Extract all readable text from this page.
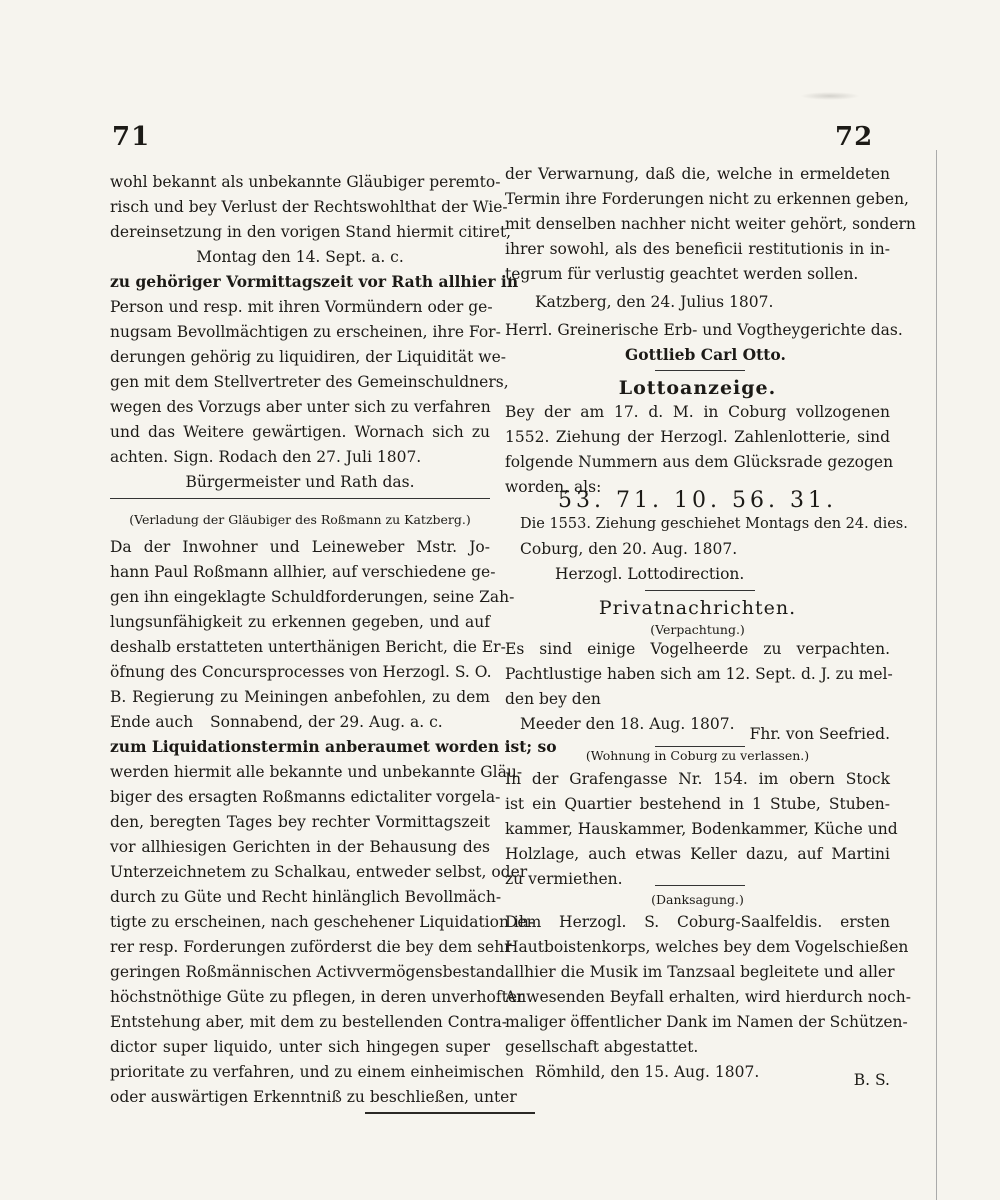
71	72
wohl bekannt als unbekannte Gläubiger peremto-
risch und bey Verlust der Rechtswohlthat der Wie-
dereinsetzung in den vorigen Stand hiermit citiret,
Montag den 14. Sept. a. c.
zu gehöriger Vormittagszeit vor Rath allhier in
Person und resp. mit ihren Vormündern oder ge-
nugsam Bevollmächtigen zu erscheinen, ihre For-
derungen gehörig zu liquidiren, der Liquidität we-
gen mit dem Stellvertreter des Gemeinschuldners,
wegen des Vorzugs aber unter sich zu verfahren
und das Weitere gewärtigen. Wornach sich zu
achten. Sign. Rodach den 27. Juli 1807.
Bürgermeister und Rath das.
(Verladung der Gläubiger des Roßmann zu Katzberg.)
Da der Inwohner und Leineweber Mstr. Jo-
hann Paul Roßmann allhier, auf verschiedene ge-
gen ihn eingeklagte Schuldforderungen, seine Zah-
lungsunfähigkeit zu erkennen gegeben, und auf
deshalb erstatteten unterthänigen Bericht, die Er-
öfnung des Concursprocesses von Herzogl. S. O.
B. Regierung zu Meiningen anbefohlen, zu dem
Ende auch	Sonnabend, der 29. Aug. a. c.
zum Liquidationstermin anberaumet worden ist; so
werden hiermit alle bekannte und unbekannte Gläu-
biger des ersagten Roßmanns edictaliter vorgela-
den, beregten Tages bey rechter Vormittagszeit
vor allhiesigen Gerichten in der Behausung des
Unterzeichnetem zu Schalkau, entweder selbst, oder
durch zu Güte und Recht hinlänglich Bevollmäch-
tigte zu erscheinen, nach geschehener Liquidation ih-
rer resp. Forderungen zuförderst die bey dem sehr
geringen Roßmännischen Activvermögensbestand
höchstnöthige Güte zu pflegen, in deren unverhofter
Entstehung aber, mit dem zu bestellenden Contra-
dictor super liquido, unter sich hingegen super
prioritate zu verfahren, und zu einem einheimischen
oder auswärtigen Erkenntniß zu beschließen, unter
der Verwarnung, daß die, welche in ermeldeten
Termin ihre Forderungen nicht zu erkennen geben,
mit denselben nachher nicht weiter gehört, sondern
ihrer sowohl, als des beneficii restitutionis in in-
tegrum für verlustig geachtet werden sollen.
Katzberg, den 24. Julius 1807.
Herrl. Greinerische Erb- und Vogtheygerichte das.
Gottlieb Carl Otto.
Lottoanzeige.
Bey der am 17. d. M. in Coburg vollzogenen
1552. Ziehung der Herzogl. Zahlenlotterie, sind
folgende Nummern aus dem Glücksrade gezogen
worden, als:
53. 71. 10. 56. 31.
Die 1553. Ziehung geschiehet Montags den 24. dies.
Coburg, den 20. Aug. 1807.
Herzogl. Lottodirection.
Privatnachrichten.
(Verpachtung.)
Es sind einige Vogelheerde zu verpachten.
Pachtlustige haben sich am 12. Sept. d. J. zu mel-
den bey den
Meeder den 18. Aug. 1807.
Fhr. von Seefried.
(Wohnung in Coburg zu verlassen.)
In der Grafengasse Nr. 154. im obern Stock
ist ein Quartier bestehend in 1 Stube, Stuben-
kammer, Hauskammer, Bodenkammer, Küche und
Holzlage, auch etwas Keller dazu, auf Martini
zu vermiethen.
(Danksagung.)
Dem Herzogl. S. Coburg-Saalfeldis. ersten
Hautboistenkorps, welches bey dem Vogelschießen
allhier die Musik im Tanzsaal begleitete und aller
Anwesenden Beyfall erhalten, wird hierdurch noch-
maliger öffentlicher Dank im Namen der Schützen-
gesellschaft abgestattet.
Römhild, den 15. Aug. 1807.	B. S.
